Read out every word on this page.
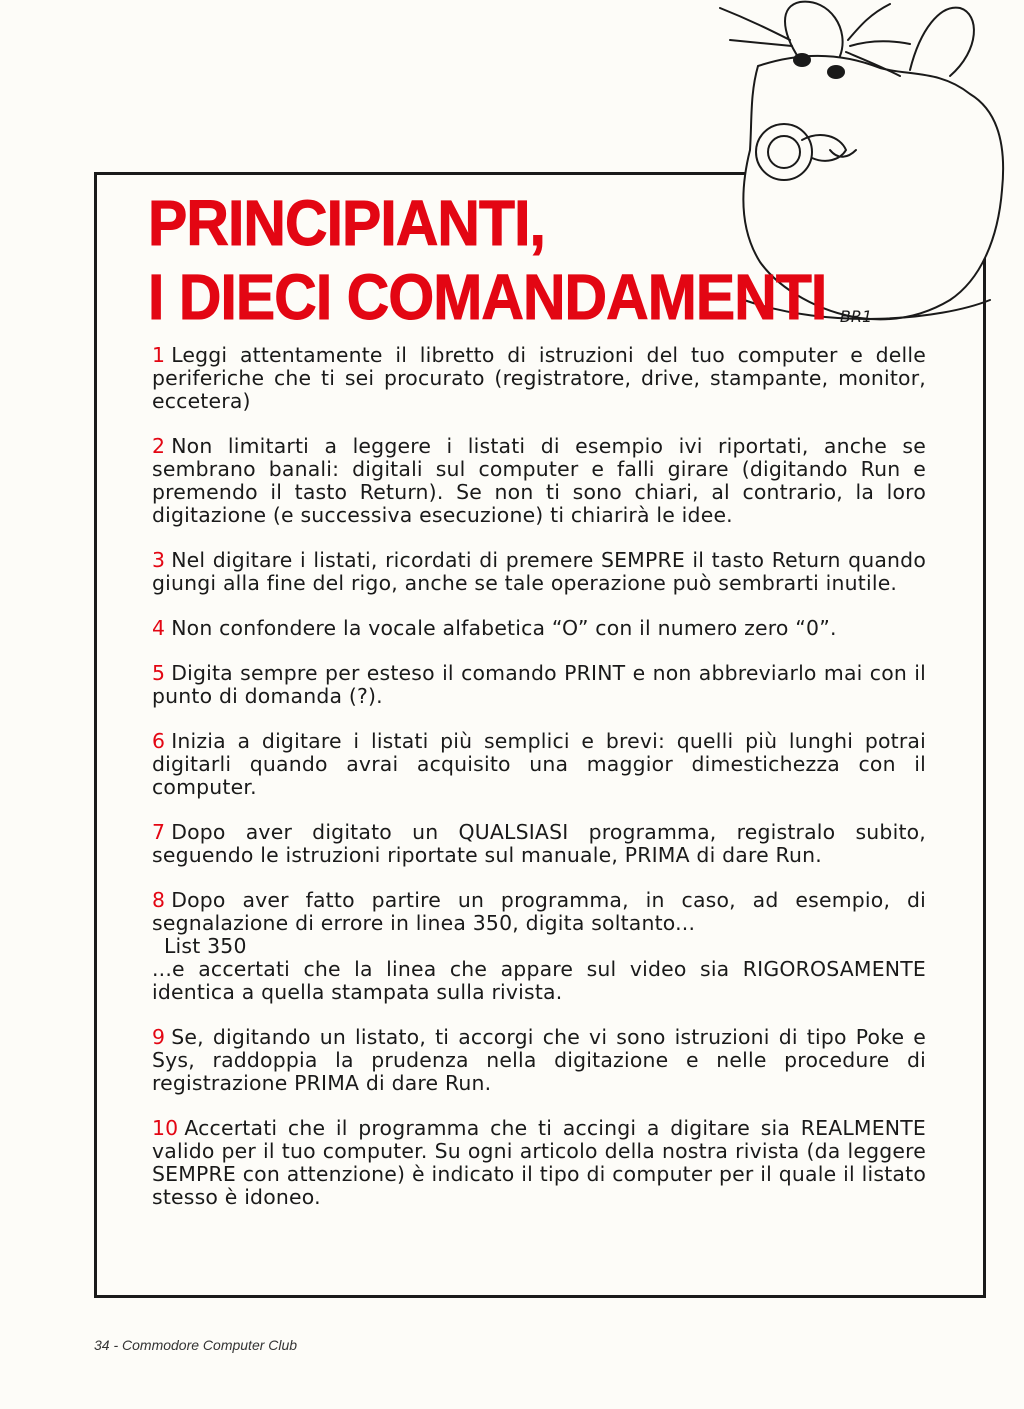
BR1
PRINCIPIANTI,
I DIECI COMANDAMENTI
1 Leggi attentamente il libretto di istruzioni del tuo computer e delle periferiche che ti sei procurato (registratore, drive, stampante, monitor, eccetera)
2 Non limitarti a leggere i listati di esempio ivi riportati, anche se sembrano banali: digitali sul computer e falli girare (digitando Run e premendo il tasto Return). Se non ti sono chiari, al contrario, la loro digitazione (e successiva esecuzione) ti chiarirà le idee.
3 Nel digitare i listati, ricordati di premere SEMPRE il tasto Return quando giungi alla fine del rigo, anche se tale operazione può sembrarti inutile.
4 Non confondere la vocale alfabetica “O” con il numero zero “0”.
5 Digita sempre per esteso il comando PRINT e non abbreviarlo mai con il punto di domanda (?).
6 Inizia a digitare i listati più semplici e brevi: quelli più lunghi potrai digitarli quando avrai acquisito una maggior dimestichezza con il computer.
7 Dopo aver digitato un QUALSIASI programma, registralo subito, seguendo le istruzioni riportate sul manuale, PRIMA di dare Run.
8 Dopo aver fatto partire un programma, in caso, ad esempio, di segnalazione di errore in linea 350, digita soltanto...
List 350
...e accertati che la linea che appare sul video sia RIGOROSAMENTE identica a quella stampata sulla rivista.
9 Se, digitando un listato, ti accorgi che vi sono istruzioni di tipo Poke e Sys, raddoppia la prudenza nella digitazione e nelle procedure di registrazione PRIMA di dare Run.
10 Accertati che il programma che ti accingi a digitare sia REALMENTE valido per il tuo computer. Su ogni articolo della nostra rivista (da leggere SEMPRE con attenzione) è indicato il tipo di computer per il quale il listato stesso è idoneo.
34 - Commodore Computer Club
